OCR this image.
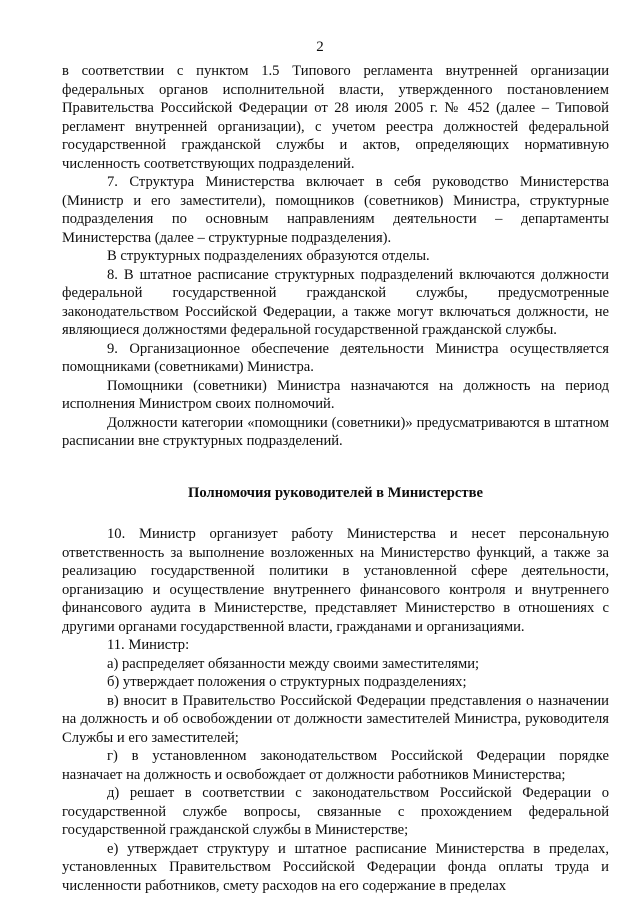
2

в соответствии с пунктом 1.5 Типового регламента внутренней организации федеральных органов исполнительной власти, утвержденного постановлением Правительства Российской Федерации от 28 июля 2005 г. № 452 (далее – Типовой регламент внутренней организации), с учетом реестра должностей федеральной государственной гражданской службы и актов, определяющих нормативную численность соответствующих подразделений.

7. Структура Министерства включает в себя руководство Министерства (Министр и его заместители), помощников (советников) Министра, структурные подразделения по основным направлениям деятельности – департаменты Министерства (далее – структурные подразделения).

В структурных подразделениях образуются отделы.

8. В штатное расписание структурных подразделений включаются должности федеральной государственной гражданской службы, предусмотренные законодательством Российской Федерации, а также могут включаться должности, не являющиеся должностями федеральной государственной гражданской службы.

9. Организационное обеспечение деятельности Министра осуществляется помощниками (советниками) Министра.

Помощники (советники) Министра назначаются на должность на период исполнения Министром своих полномочий.

Должности категории «помощники (советники)» предусматриваются в штатном расписании вне структурных подразделений.

Полномочия руководителей в Министерстве

10. Министр организует работу Министерства и несет персональную ответственность за выполнение возложенных на Министерство функций, а также за реализацию государственной политики в установленной сфере деятельности, организацию и осуществление внутреннего финансового контроля и внутреннего финансового аудита в Министерстве, представляет Министерство в отношениях с другими органами государственной власти, гражданами и организациями.

11. Министр:

а) распределяет обязанности между своими заместителями;

б) утверждает положения о структурных подразделениях;

в) вносит в Правительство Российской Федерации представления о назначении на должность и об освобождении от должности заместителей Министра, руководителя Службы и его заместителей;

г) в установленном законодательством Российской Федерации порядке назначает на должность и освобождает от должности работников Министерства;

д) решает в соответствии с законодательством Российской Федерации о государственной службе вопросы, связанные с прохождением федеральной государственной гражданской службы в Министерстве;

е) утверждает структуру и штатное расписание Министерства в пределах, установленных Правительством Российской Федерации фонда оплаты труда и численности работников, смету расходов на его содержание в пределах
